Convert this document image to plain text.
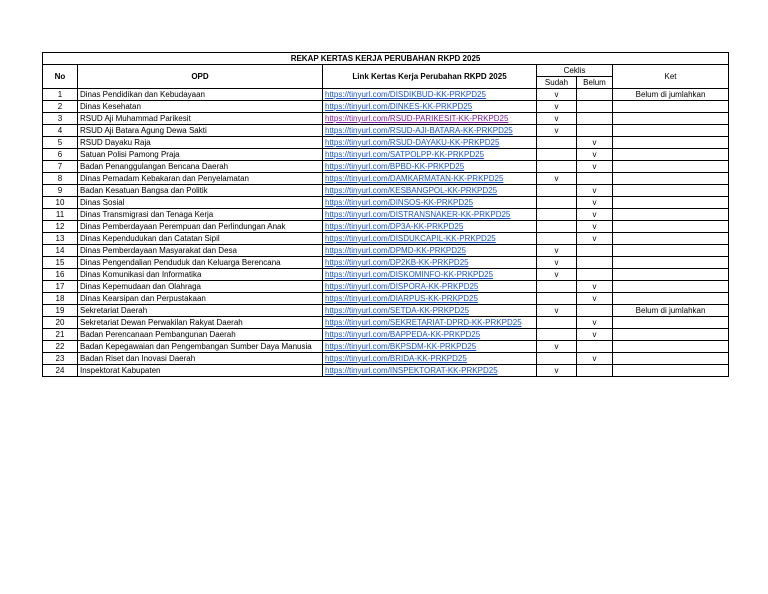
REKAP KERTAS KERJA PERUBAHAN RKPD 2025					
No	OPD	Link Kertas Kerja Perubahan RKPD 2025	Ceklis		Ket
			Sudah	Belum	
1	Dinas Pendidikan dan Kebudayaan	https://tinyurl.com/DISDIKBUD-KK-PRKPD25	v		Belum di jumlahkan
2	Dinas Kesehatan	https://tinyurl.com/DINKES-KK-PRKPD25	v		
3	RSUD Aji Muhammad Parikesit	https://tinyurl.com/RSUD-PARIKESIT-KK-PRKPD25	v		
4	RSUD Aji Batara Agung Dewa Sakti	https://tinyurl.com/RSUD-AJI-BATARA-KK-PRKPD25	v		
5	RSUD Dayaku Raja	https://tinyurl.com/RSUD-DAYAKU-KK-PRKPD25		v	
6	Satuan Polisi Pamong Praja	https://tinyurl.com/SATPOLPP-KK-PRKPD25		v	
7	Badan Penanggulangan Bencana Daerah	https://tinyurl.com/BPBD-KK-PRKPD25		v	
8	Dinas Pemadam Kebakaran dan Penyelamatan	https://tinyurl.com/DAMKARMATAN-KK-PRKPD25	v		
9	Badan Kesatuan Bangsa dan Politik	https://tinyurl.com/KESBANGPOL-KK-PRKPD25		v	
10	Dinas Sosial	https://tinyurl.com/DINSOS-KK-PRKPD25		v	
11	Dinas Transmigrasi dan Tenaga Kerja	https://tinyurl.com/DISTRANSNAKER-KK-PRKPD25		v	
12	Dinas Pemberdayaan Perempuan dan Perlindungan Anak	https://tinyurl.com/DP3A-KK-PRKPD25		v	
13	Dinas Kependudukan dan Catatan Sipil	https://tinyurl.com/DISDUKCAPIL-KK-PRKPD25		v	
14	Dinas Pemberdayaan Masyarakat dan Desa	https://tinyurl.com/DPMD-KK-PRKPD25	v		
15	Dinas Pengendalian Penduduk dan Keluarga Berencana	https://tinyurl.com/DP2KB-KK-PRKPD25	v		
16	Dinas Komunikasi dan Informatika	https://tinyurl.com/DISKOMINFO-KK-PRKPD25	v		
17	Dinas Kepemudaan dan Olahraga	https://tinyurl.com/DISPORA-KK-PRKPD25		v	
18	Dinas Kearsipan dan Perpustakaan	https://tinyurl.com/DIARPUS-KK-PRKPD25		v	
19	Sekretariat Daerah	https://tinyurl.com/SETDA-KK-PRKPD25	v		Belum di jumlahkan
20	Sekretariat Dewan Perwakilan Rakyat Daerah	https://tinyurl.com/SEKRETARIAT-DPRD-KK-PRKPD25		v	
21	Badan Perencanaan Pembangunan Daerah	https://tinyurl.com/BAPPEDA-KK-PRKPD25		v	
22	Badan Kepegawaian dan Pengembangan Sumber Daya Manusia	https://tinyurl.com/BKPSDM-KK-PRKPD25	v		
23	Badan Riset dan Inovasi Daerah	https://tinyurl.com/BRIDA-KK-PRKPD25		v	
24	Inspektorat Kabupaten	https://tinyurl.com/INSPEKTORAT-KK-PRKPD25	v		
